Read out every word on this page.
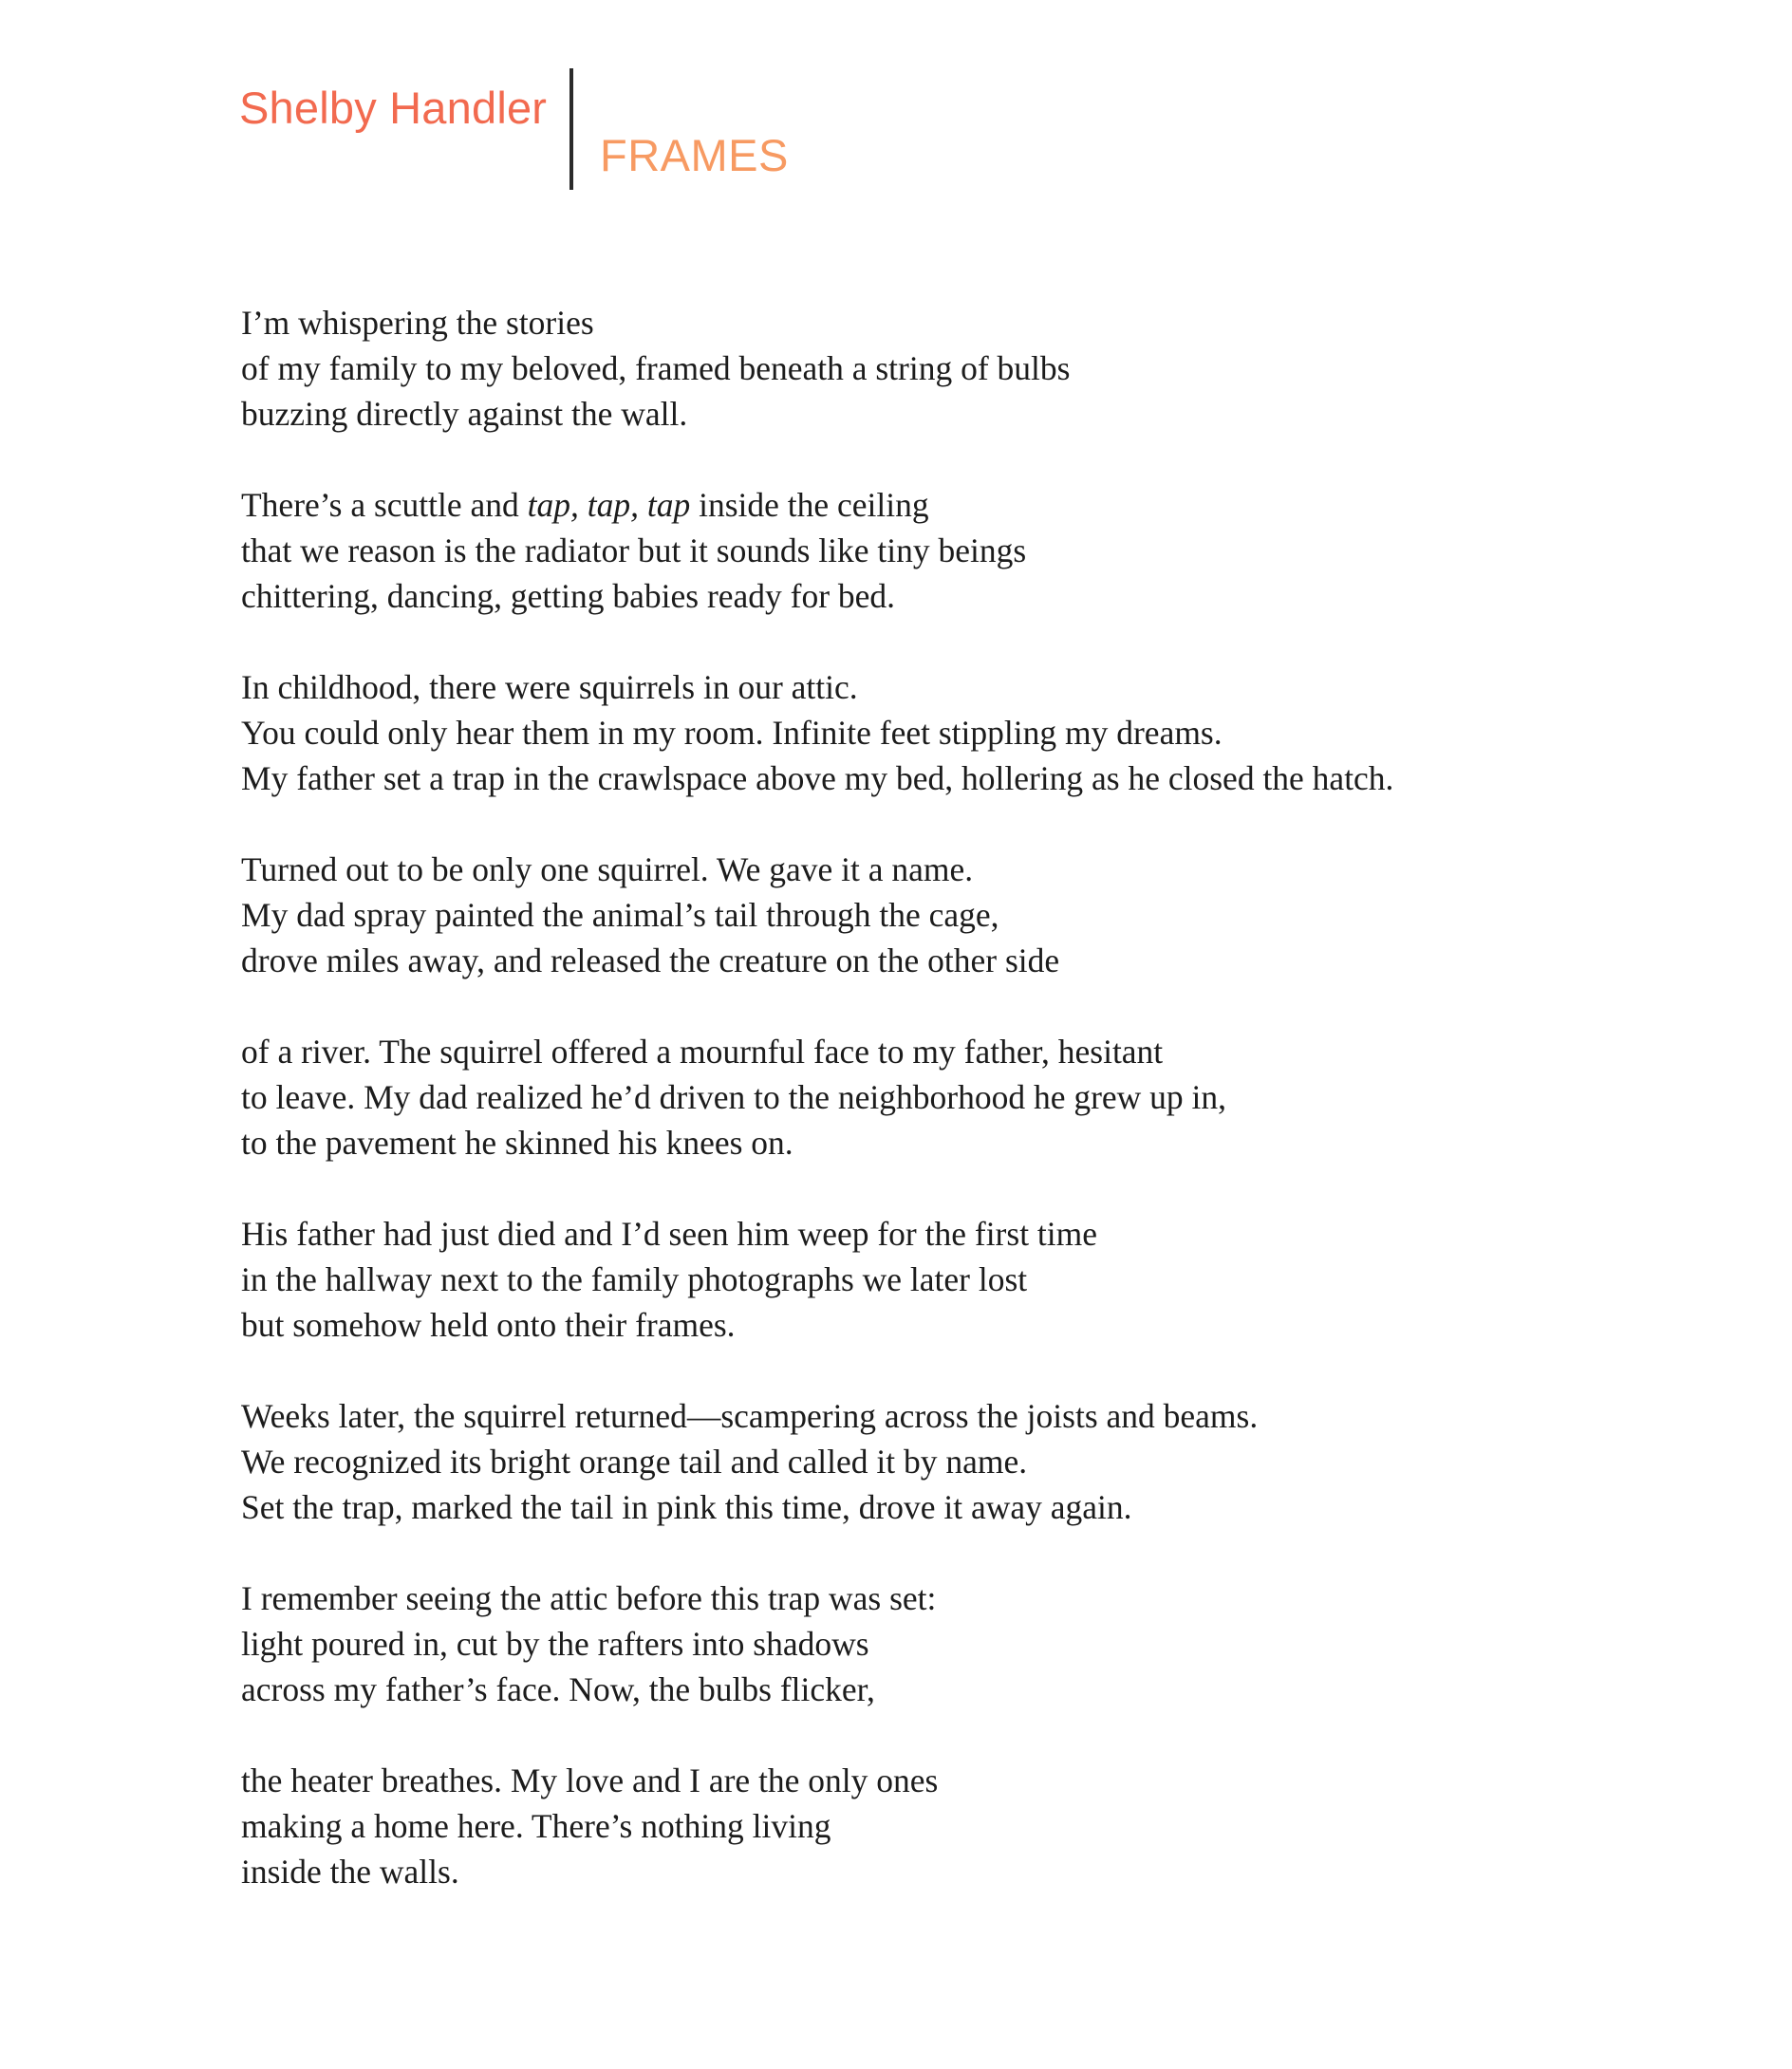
Shelby Handler
FRAMES
I’m whispering the stories
of my family to my beloved, framed beneath a string of bulbs
buzzing directly against the wall.
There’s a scuttle and tap, tap, tap inside the ceiling
that we reason is the radiator but it sounds like tiny beings
chittering, dancing, getting babies ready for bed.
In childhood, there were squirrels in our attic.
You could only hear them in my room. Infinite feet stippling my dreams.
My father set a trap in the crawlspace above my bed, hollering as he closed the hatch.
Turned out to be only one squirrel. We gave it a name.
My dad spray painted the animal’s tail through the cage,
drove miles away, and released the creature on the other side
of a river. The squirrel offered a mournful face to my father, hesitant
to leave. My dad realized he’d driven to the neighborhood he grew up in,
to the pavement he skinned his knees on.
His father had just died and I’d seen him weep for the first time
in the hallway next to the family photographs we later lost
but somehow held onto their frames.
Weeks later, the squirrel returned—scampering across the joists and beams.
We recognized its bright orange tail and called it by name.
Set the trap, marked the tail in pink this time, drove it away again.
I remember seeing the attic before this trap was set:
light poured in, cut by the rafters into shadows
across my father’s face. Now, the bulbs flicker,
the heater breathes. My love and I are the only ones
making a home here. There’s nothing living
inside the walls.
